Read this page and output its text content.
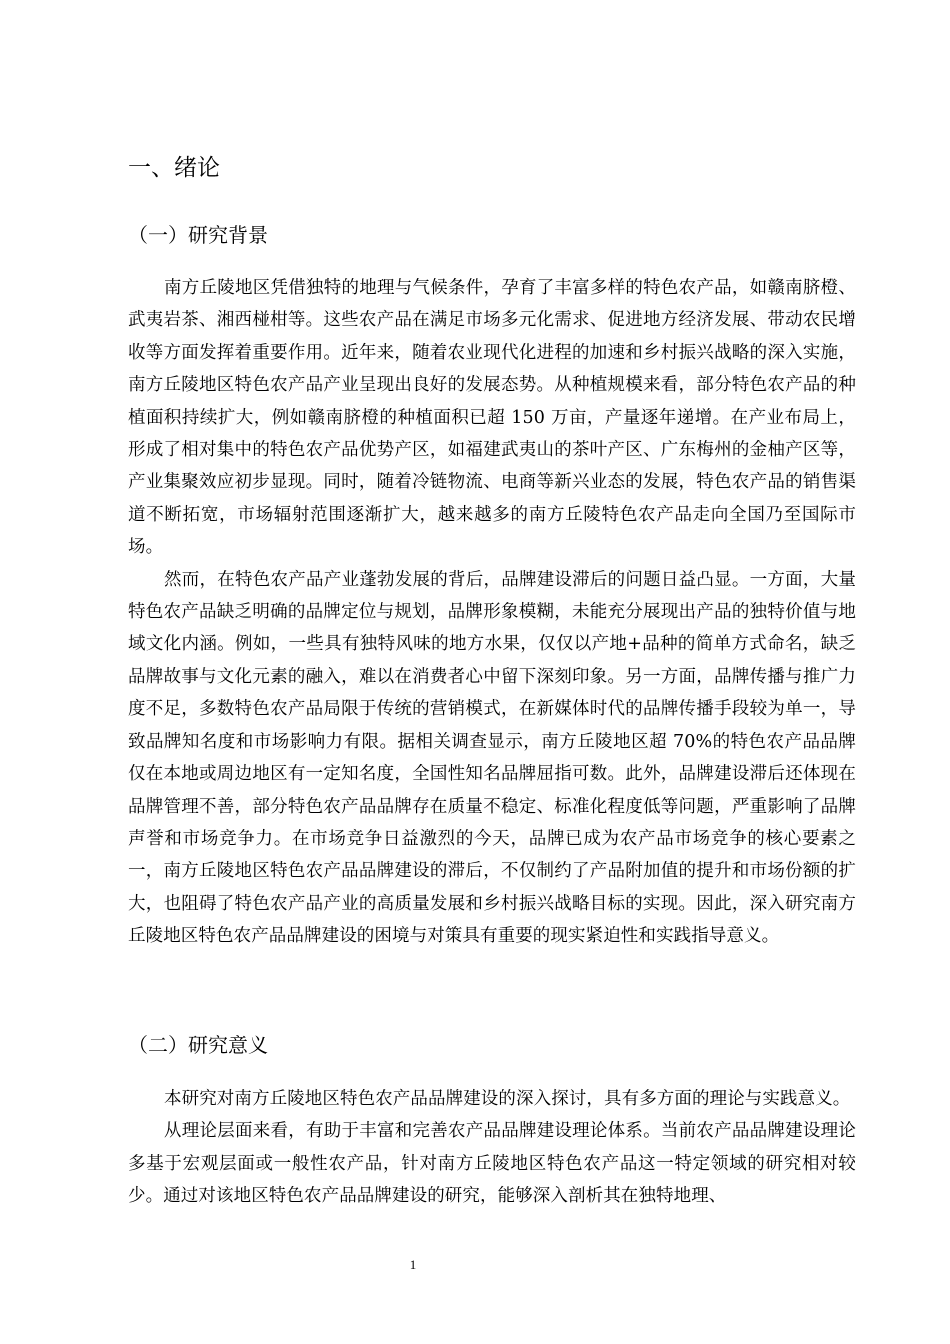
一、绪论
（一）研究背景

南方丘陵地区凭借独特的地理与气候条件，孕育了丰富多样的特色农产品，如赣南脐橙、武夷岩茶、湘西椪柑等。这些农产品在满足市场多元化需求、促进地方经济发展、带动农民增收等方面发挥着重要作用。近年来，随着农业现代化进程的加速和乡村振兴战略的深入实施，南方丘陵地区特色农产品产业呈现出良好的发展态势。从种植规模来看，部分特色农产品的种植面积持续扩大，例如赣南脐橙的种植面积已超 150 万亩，产量逐年递增。在产业布局上，形成了相对集中的特色农产品优势产区，如福建武夷山的茶叶产区、广东梅州的金柚产区等，产业集聚效应初步显现。同时，随着冷链物流、电商等新兴业态的发展，特色农产品的销售渠道不断拓宽，市场辐射范围逐渐扩大，越来越多的南方丘陵特色农产品走向全国乃至国际市场。

然而，在特色农产品产业蓬勃发展的背后，品牌建设滞后的问题日益凸显。一方面，大量特色农产品缺乏明确的品牌定位与规划，品牌形象模糊，未能充分展现出产品的独特价值与地域文化内涵。例如，一些具有独特风味的地方水果，仅仅以产地+品种的简单方式命名，缺乏品牌故事与文化元素的融入，难以在消费者心中留下深刻印象。另一方面，品牌传播与推广力度不足，多数特色农产品局限于传统的营销模式，在新媒体时代的品牌传播手段较为单一，导致品牌知名度和市场影响力有限。据相关调查显示，南方丘陵地区超 70%的特色农产品品牌仅在本地或周边地区有一定知名度，全国性知名品牌屈指可数。此外，品牌建设滞后还体现在品牌管理不善，部分特色农产品品牌存在质量不稳定、标准化程度低等问题，严重影响了品牌声誉和市场竞争力。在市场竞争日益激烈的今天，品牌已成为农产品市场竞争的核心要素之一，南方丘陵地区特色农产品品牌建设的滞后，不仅制约了产品附加值的提升和市场份额的扩大，也阻碍了特色农产品产业的高质量发展和乡村振兴战略目标的实现。因此，深入研究南方丘陵地区特色农产品品牌建设的困境与对策具有重要的现实紧迫性和实践指导意义。

（二）研究意义

本研究对南方丘陵地区特色农产品品牌建设的深入探讨，具有多方面的理论与实践意义。

从理论层面来看，有助于丰富和完善农产品品牌建设理论体系。当前农产品品牌建设理论多基于宏观层面或一般性农产品，针对南方丘陵地区特色农产品这一特定领域的研究相对较少。通过对该地区特色农产品品牌建设的研究，能够深入剖析其在独特地理、

1
